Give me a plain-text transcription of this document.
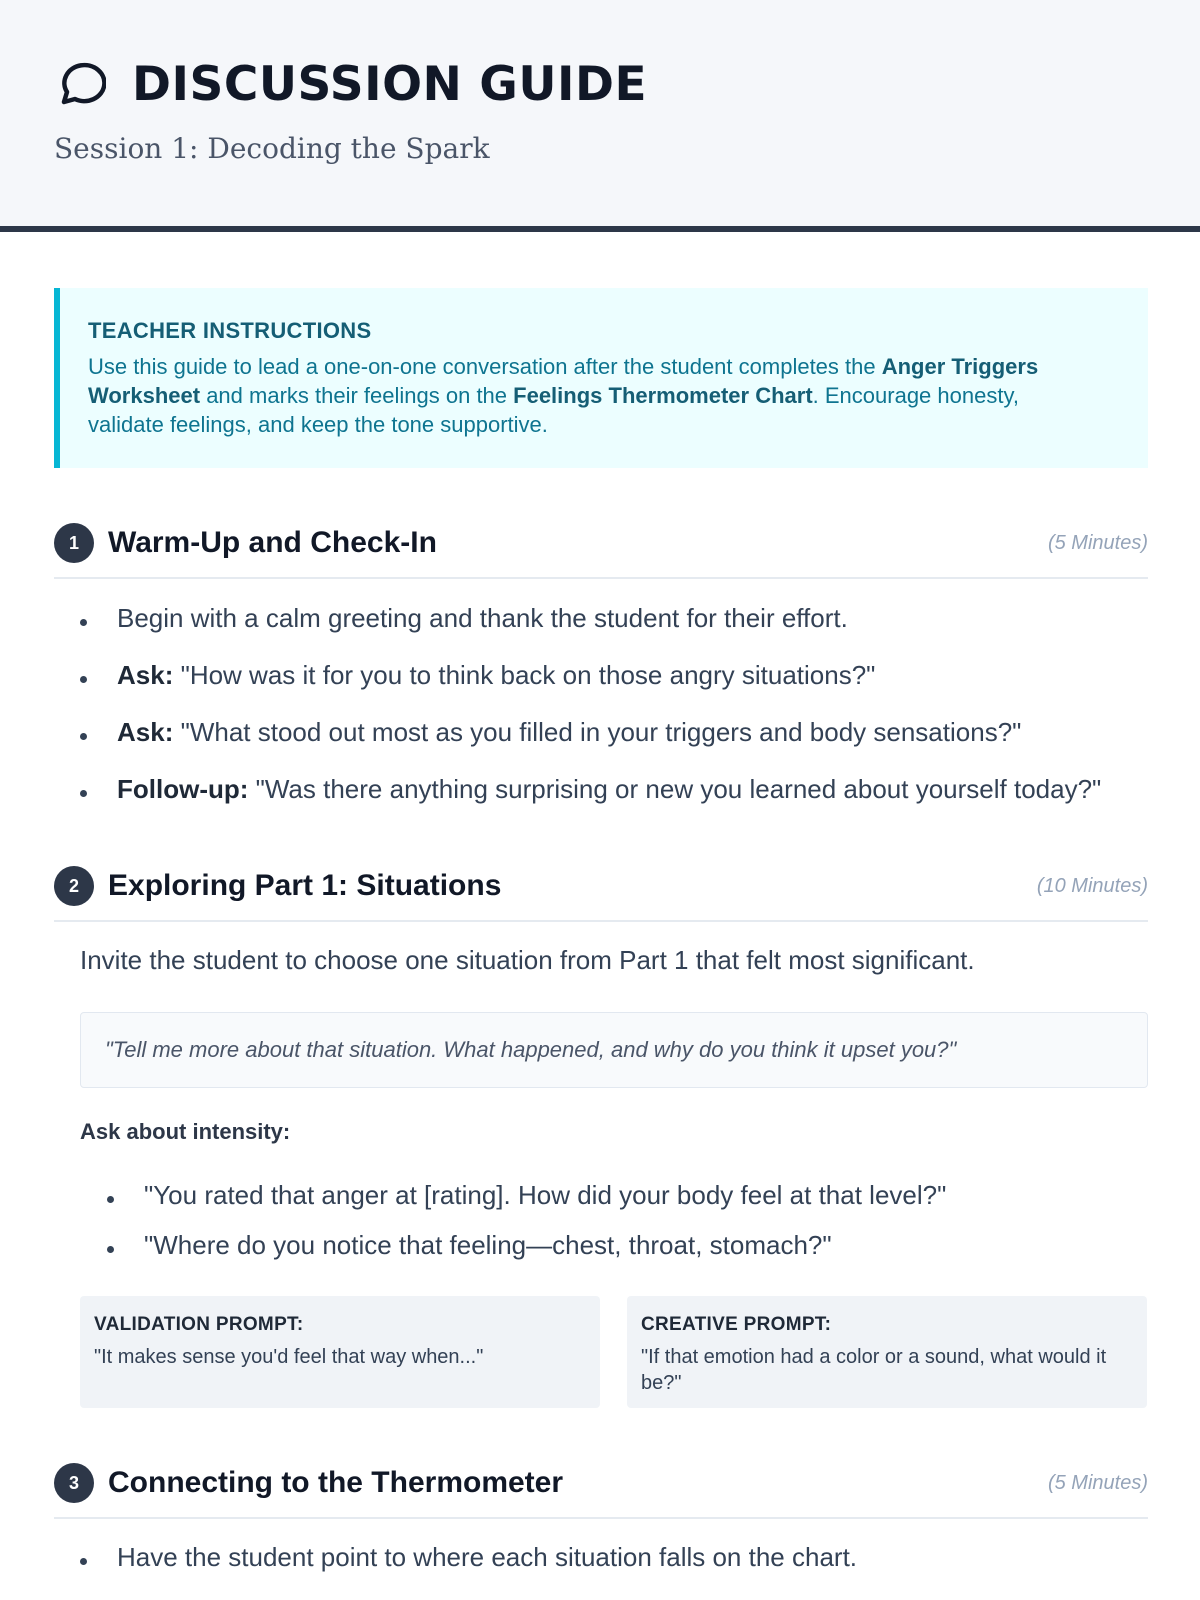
DISCUSSION GUIDE
Session 1: Decoding the Spark
TEACHER INSTRUCTIONS
Use this guide to lead a one-on-one conversation after the student completes the Anger Triggers Worksheet and marks their feelings on the Feelings Thermometer Chart. Encourage honesty, validate feelings, and keep the tone supportive.
1 Warm-Up and Check-In	(5 Minutes)
Begin with a calm greeting and thank the student for their effort.
Ask: "How was it for you to think back on those angry situations?"
Ask: "What stood out most as you filled in your triggers and body sensations?"
Follow-up: "Was there anything surprising or new you learned about yourself today?"
2 Exploring Part 1: Situations	(10 Minutes)
Invite the student to choose one situation from Part 1 that felt most significant.
"Tell me more about that situation. What happened, and why do you think it upset you?"
Ask about intensity:
"You rated that anger at [rating]. How did your body feel at that level?"
"Where do you notice that feeling—chest, throat, stomach?"
VALIDATION PROMPT:
"It makes sense you'd feel that way when..."
CREATIVE PROMPT:
"If that emotion had a color or a sound, what would it be?"
3 Connecting to the Thermometer	(5 Minutes)
Have the student point to where each situation falls on the chart.
